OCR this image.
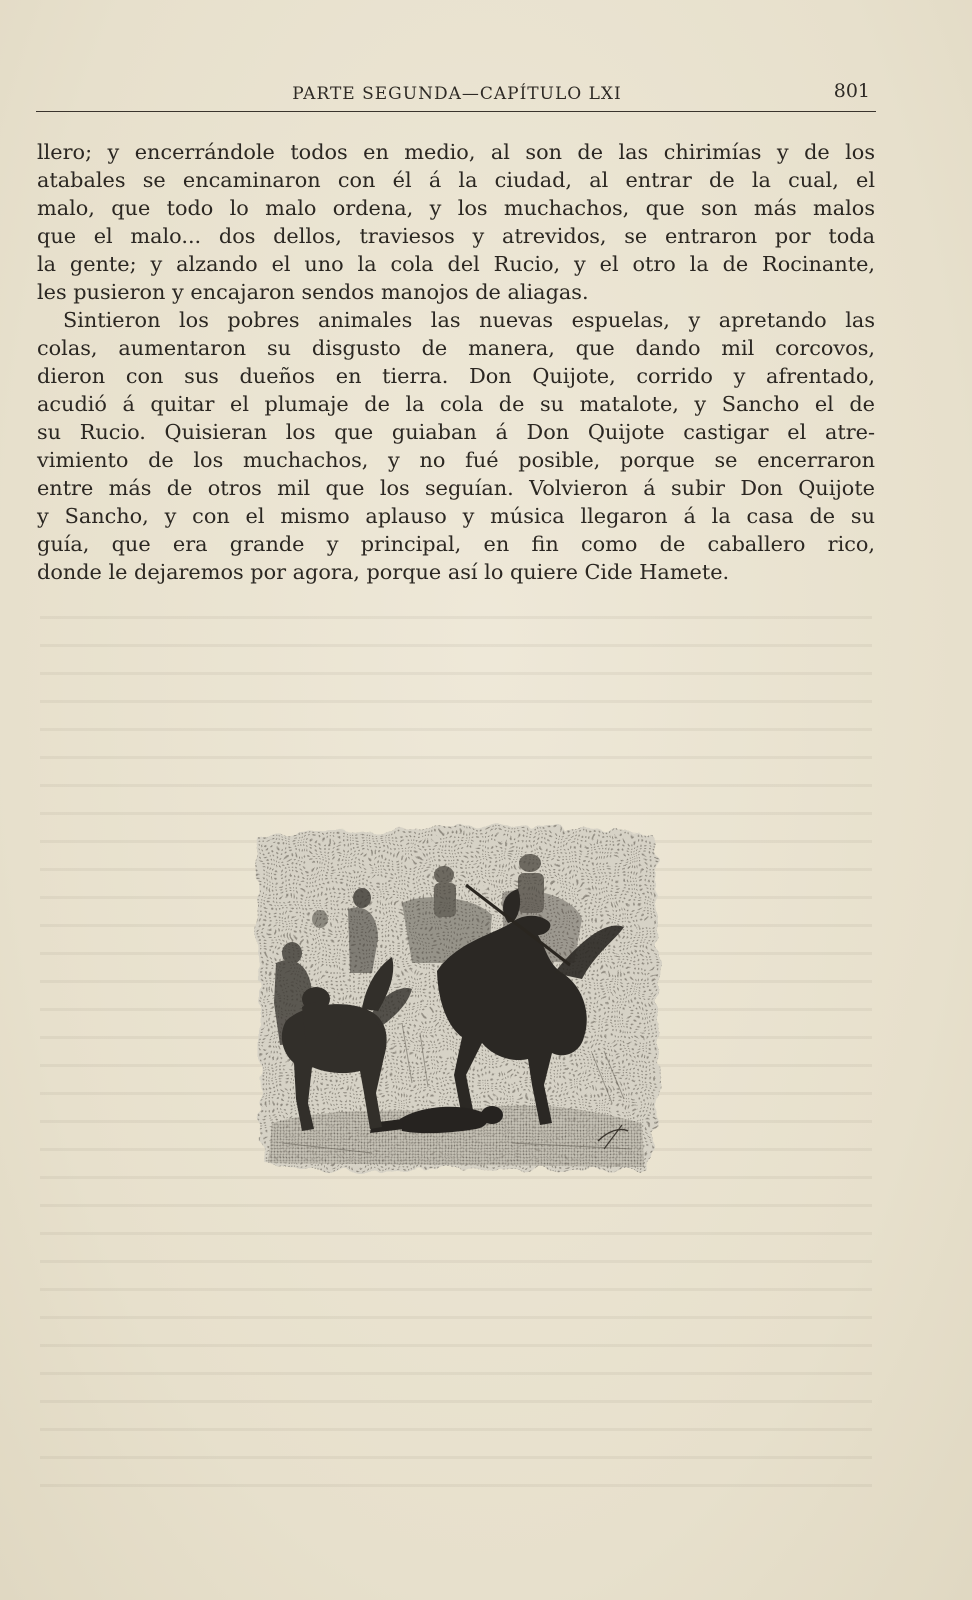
PARTE SEGUNDA—CAPÍTULO LXI	801
llero; y encerrándole todos en medio, al son de las chirimías y de los
atabales se encaminaron con él á la ciudad, al entrar de la cual, el
malo, que todo lo malo ordena, y los muchachos, que son más malos
que el malo... dos dellos, traviesos y atrevidos, se entraron por toda
la gente; y alzando el uno la cola del Rucio, y el otro la de Rocinante,
les pusieron y encajaron sendos manojos de aliagas.
Sintieron los pobres animales las nuevas espuelas, y apretando las
colas, aumentaron su disgusto de manera, que dando mil corcovos,
dieron con sus dueños en tierra. Don Quijote, corrido y afrentado,
acudió á quitar el plumaje de la cola de su matalote, y Sancho el de
su Rucio. Quisieran los que guiaban á Don Quijote castigar el atre-
vimiento de los muchachos, y no fué posible, porque se encerraron
entre más de otros mil que los seguían. Volvieron á subir Don Quijote
y Sancho, y con el mismo aplauso y música llegaron á la casa de su
guía, que era grande y principal, en fin como de caballero rico,
donde le dejaremos por agora, porque así lo quiere Cide Hamete.
